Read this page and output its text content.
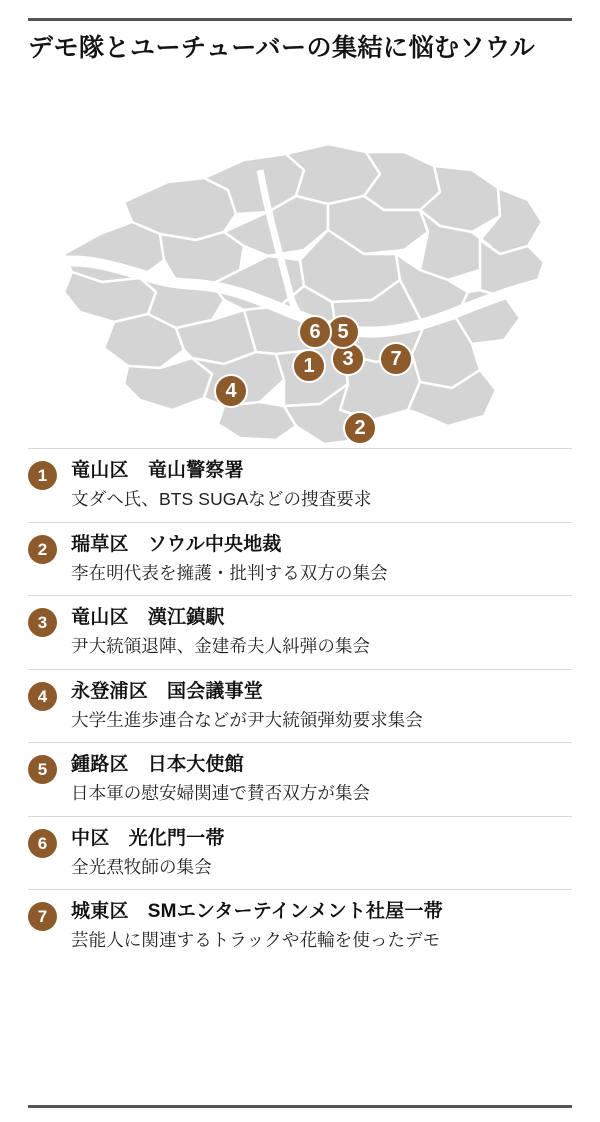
デモ隊とユーチューバーの集結に悩むソウル
1
2
3
4
5
6
7
1	竜山区　竜山警察署
文ダヘ氏、BTS SUGAなどの捜査要求
2	瑞草区　ソウル中央地裁
李在明代表を擁護・批判する双方の集会
3	竜山区　漢江鎮駅
尹大統領退陣、金建希夫人糾弾の集会
4	永登浦区　国会議事堂
大学生進歩連合などが尹大統領弾劾要求集会
5	鍾路区　日本大使館
日本軍の慰安婦関連で賛否双方が集会
6	中区　光化門一帯
全光焄牧師の集会
7	城東区　SMエンターテインメント社屋一帯
芸能人に関連するトラックや花輪を使ったデモ
